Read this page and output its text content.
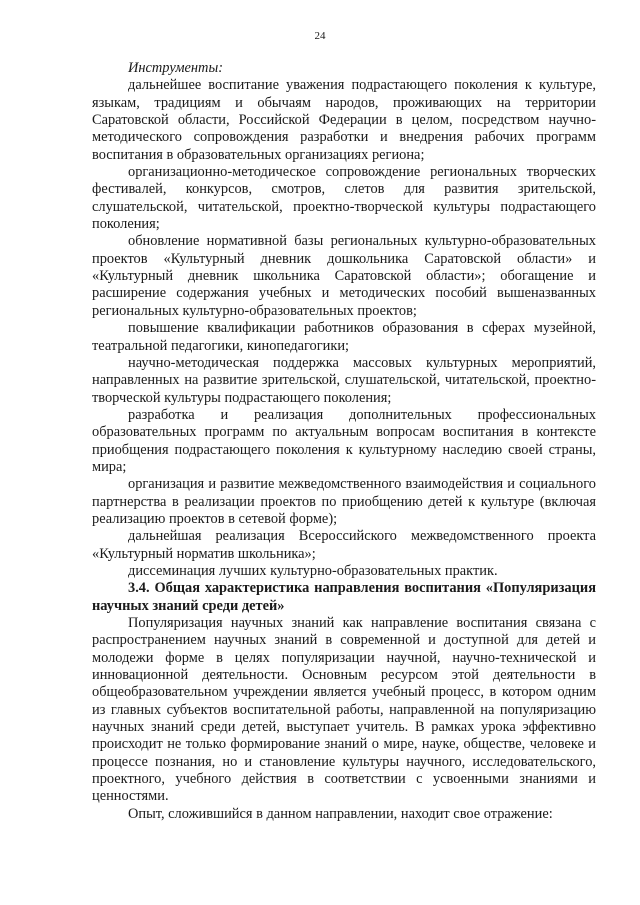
24

Инструменты:

дальнейшее воспитание уважения подрастающего поколения к культуре, языкам, традициям и обычаям народов, проживающих на территории Саратовской области, Российской Федерации в целом, посредством научно-методического сопровождения разработки и внедрения рабочих программ воспитания в образовательных организациях региона;

организационно-методическое сопровождение региональных творческих фестивалей, конкурсов, смотров, слетов для развития зрительской, слушательской, читательской, проектно-творческой культуры подрастающего поколения;

обновление нормативной базы региональных культурно-образовательных проектов «Культурный дневник дошкольника Саратовской области» и «Культурный дневник школьника Саратовской области»; обогащение и расширение содержания учебных и методических пособий вышеназванных региональных культурно-образовательных проектов;

повышение квалификации работников образования в сферах музейной, театральной педагогики, кинопедагогики;

научно-методическая поддержка массовых культурных мероприятий, направленных на развитие зрительской, слушательской, читательской, проектно-творческой культуры подрастающего поколения;

разработка и реализация дополнительных профессиональных образовательных программ по актуальным вопросам воспитания в контексте приобщения подрастающего поколения к культурному наследию своей страны, мира;

организация и развитие межведомственного взаимодействия и социального партнерства в реализации проектов по приобщению детей к культуре (включая реализацию проектов в сетевой форме);

дальнейшая реализация Всероссийского межведомственного проекта «Культурный норматив школьника»;

диссеминация лучших культурно-образовательных практик.

3.4. Общая характеристика направления воспитания «Популяризация научных знаний среди детей»

Популяризация научных знаний как направление воспитания связана с распространением научных знаний в современной и доступной для детей и молодежи форме в целях популяризации научной, научно-технической и инновационной деятельности. Основным ресурсом этой деятельности в общеобразовательном учреждении является учебный процесс, в котором одним из главных субъектов воспитательной работы, направленной на популяризацию научных знаний среди детей, выступает учитель. В рамках урока эффективно происходит не только формирование знаний о мире, науке, обществе, человеке и процессе познания, но и становление культуры научного, исследовательского, проектного, учебного действия в соответствии с усвоенными знаниями и ценностями.

Опыт, сложившийся в данном направлении, находит свое отражение:
